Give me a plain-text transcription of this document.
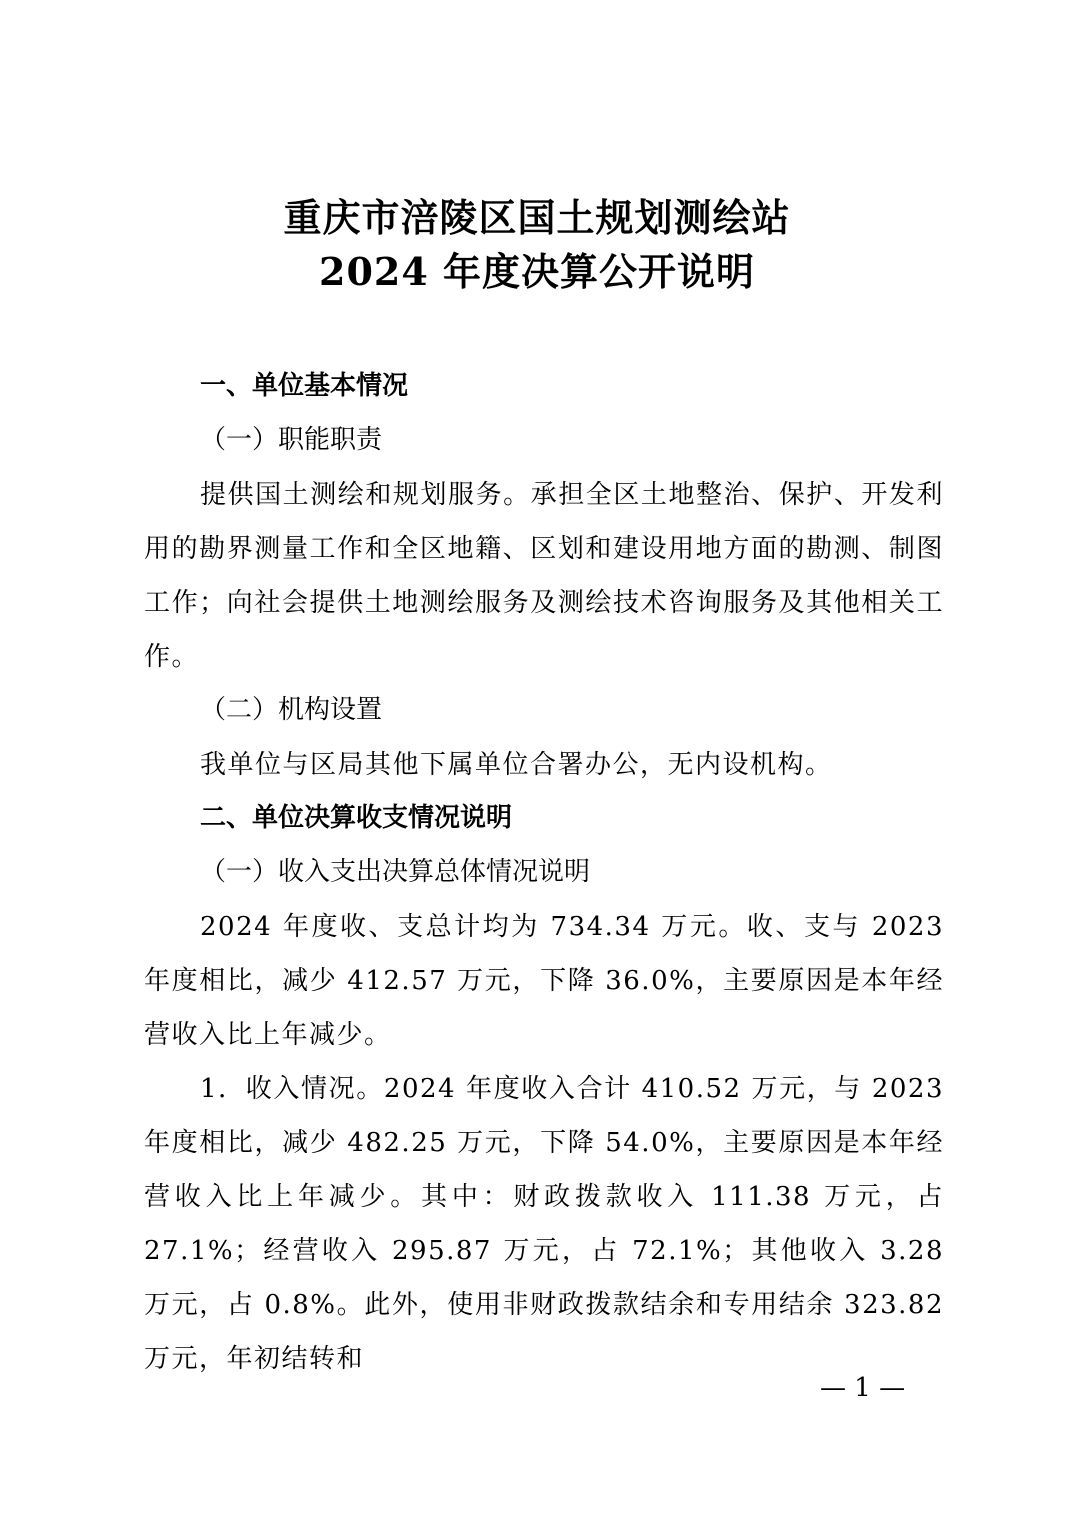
重庆市涪陵区国土规划测绘站
2024 年度决算公开说明
一、单位基本情况
（一）职能职责
提供国土测绘和规划服务。承担全区土地整治、保护、开发利用的勘界测量工作和全区地籍、区划和建设用地方面的勘测、制图工作；向社会提供土地测绘服务及测绘技术咨询服务及其他相关工作。
（二）机构设置
我单位与区局其他下属单位合署办公，无内设机构。
二、单位决算收支情况说明
（一）收入支出决算总体情况说明
2024 年度收、支总计均为 734.34 万元。收、支与 2023 年度相比，减少 412.57 万元，下降 36.0%，主要原因是本年经营收入比上年减少。
1．收入情况。2024 年度收入合计 410.52 万元，与 2023 年度相比，减少 482.25 万元，下降 54.0%，主要原因是本年经营收入比上年减少。其中：财政拨款收入 111.38 万元，占 27.1%；经营收入 295.87 万元，占 72.1%；其他收入 3.28 万元，占 0.8%。此外，使用非财政拨款结余和专用结余 323.82 万元，年初结转和
— 1 —
